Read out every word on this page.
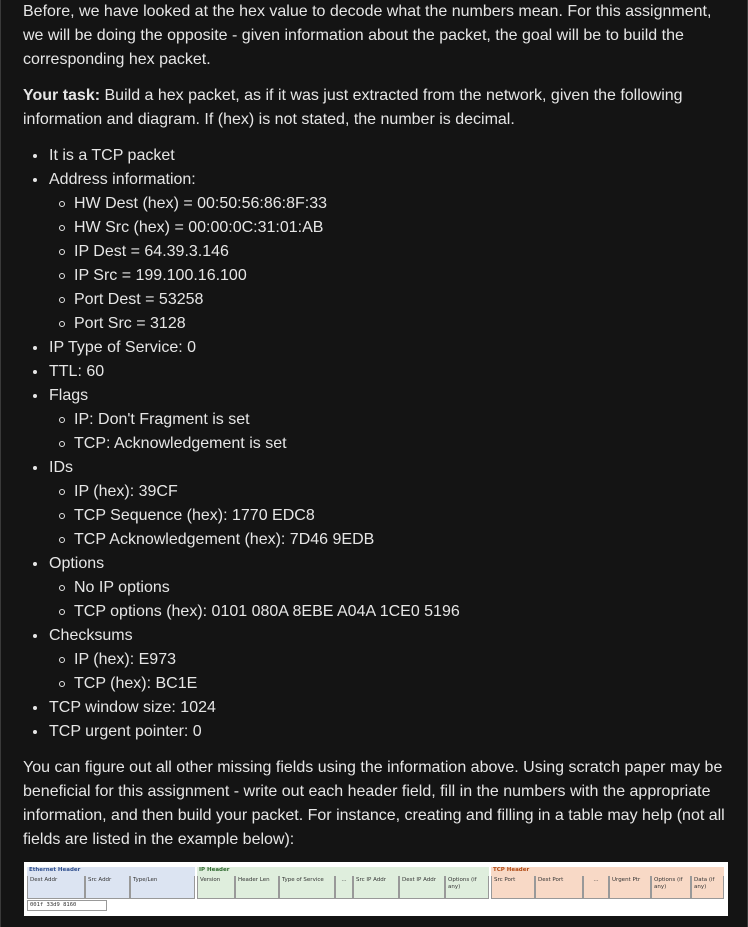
Before, we have looked at the hex value to decode what the numbers mean. For this assignment, we will be doing the opposite - given information about the packet, the goal will be to build the corresponding hex packet.

Your task: Build a hex packet, as if it was just extracted from the network, given the following information and diagram. If (hex) is not stated, the number is decimal.

It is a TCP packet
Address information:
HW Dest (hex) = 00:50:56:86:8F:33
HW Src (hex) = 00:00:0C:31:01:AB
IP Dest = 64.39.3.146
IP Src = 199.100.16.100
Port Dest = 53258
Port Src = 3128
IP Type of Service: 0
TTL: 60
Flags
IP: Don't Fragment is set
TCP: Acknowledgement is set
IDs
IP (hex): 39CF
TCP Sequence (hex): 1770 EDC8
TCP Acknowledgement (hex): 7D46 9EDB
Options
No IP options
TCP options (hex): 0101 080A 8EBE A04A 1CE0 5196
Checksums
IP (hex): E973
TCP (hex): BC1E
TCP window size: 1024
TCP urgent pointer: 0

You can figure out all other missing fields using the information above. Using scratch paper may be beneficial for this assignment - write out each header field, fill in the numbers with the appropriate information, and then build your packet. For instance, creating and filling in a table may help (not all fields are listed in the example below):

Ethernet Header
Dest Addr	Src Addr	Type/Len
IP Header
Version	Header Len	Type of Service	...	Src IP Addr	Dest IP Addr	Options (if any)
TCP Header
Src Port	Dest Port	...	Urgent Ptr	Options (if any)
Data (if any)
001f 33d9 8160
